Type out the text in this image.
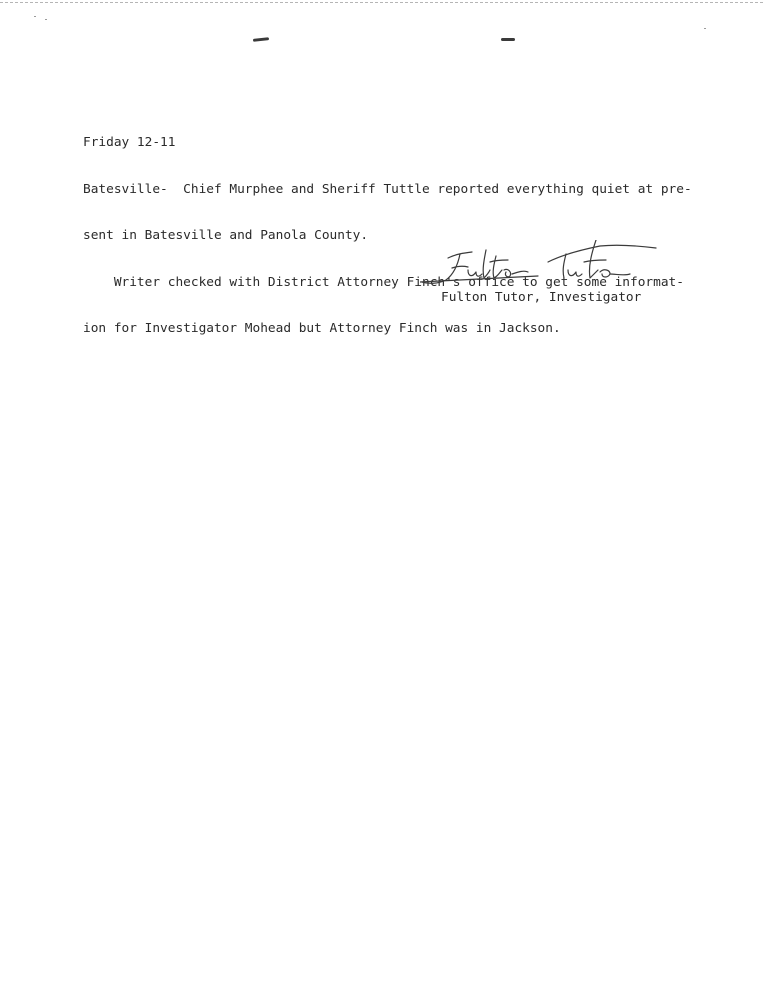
Friday 12-11

Batesville-  Chief Murphee and Sheriff Tuttle reported everything quiet at pre-

sent in Batesville and Panola County.

Writer checked with District Attorney Finch's office to get some informat-

ion for Investigator Mohead but Attorney Finch was in Jackson.

Fulton Tutor, Investigator
